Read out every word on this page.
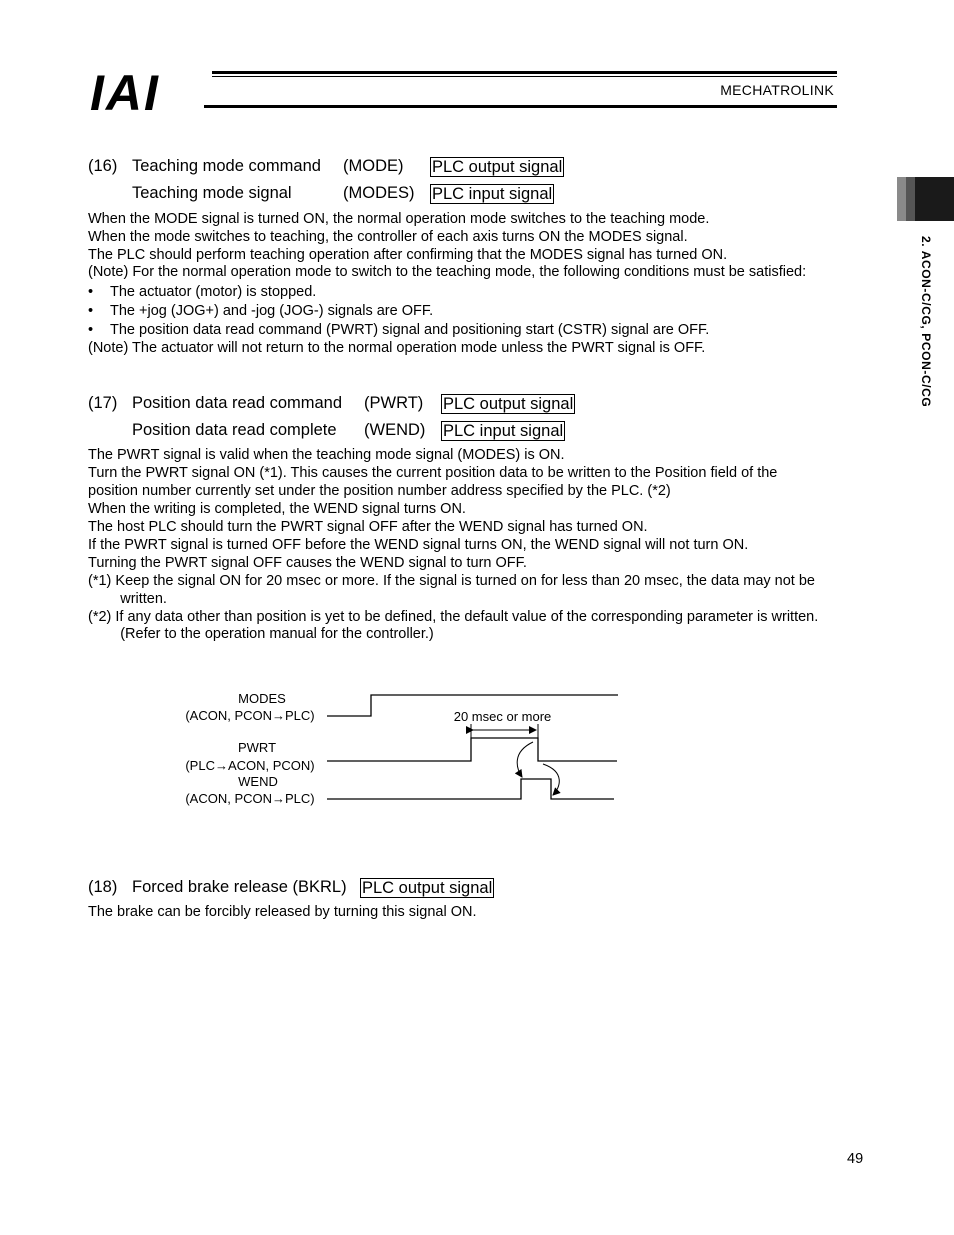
IAI	MECHATROLINK
2. ACON-C/CG, PCON-C/CG
(16) Teaching mode command (MODE) PLC output signal
Teaching mode signal	(MODES) PLC input signal
When the MODE signal is turned ON, the normal operation mode switches to the teaching mode.
When the mode switches to teaching, the controller of each axis turns ON the MODES signal.
The PLC should perform teaching operation after confirming that the MODES signal has turned ON.
(Note) For the normal operation mode to switch to the teaching mode, the following conditions must be satisfied:
• The actuator (motor) is stopped.
• The +jog (JOG+) and -jog (JOG-) signals are OFF.
• The position data read command (PWRT) signal and positioning start (CSTR) signal are OFF.
(Note) The actuator will not return to the normal operation mode unless the PWRT signal is OFF.
(17) Position data read command (PWRT) PLC output signal
Position data read complete (WEND) PLC input signal
The PWRT signal is valid when the teaching mode signal (MODES) is ON.
Turn the PWRT signal ON (*1). This causes the current position data to be written to the Position field of the
position number currently set under the position number address specified by the PLC. (*2)
When the writing is completed, the WEND signal turns ON.
The host PLC should turn the PWRT signal OFF after the WEND signal has turned ON.
If the PWRT signal is turned OFF before the WEND signal turns ON, the WEND signal will not turn ON.
Turning the PWRT signal OFF causes the WEND signal to turn OFF.
(*1) Keep the signal ON for 20 msec or more. If the signal is turned on for less than 20 msec, the data may not be
written.
(*2) If any data other than position is yet to be defined, the default value of the corresponding parameter is written.
(Refer to the operation manual for the controller.)
MODES
(ACON, PCON→PLC)
PWRT
(PLC→ACON, PCON)
WEND
(ACON, PCON→PLC)
20 msec or more
(18) Forced brake release (BKRL) PLC output signal
The brake can be forcibly released by turning this signal ON.
49
